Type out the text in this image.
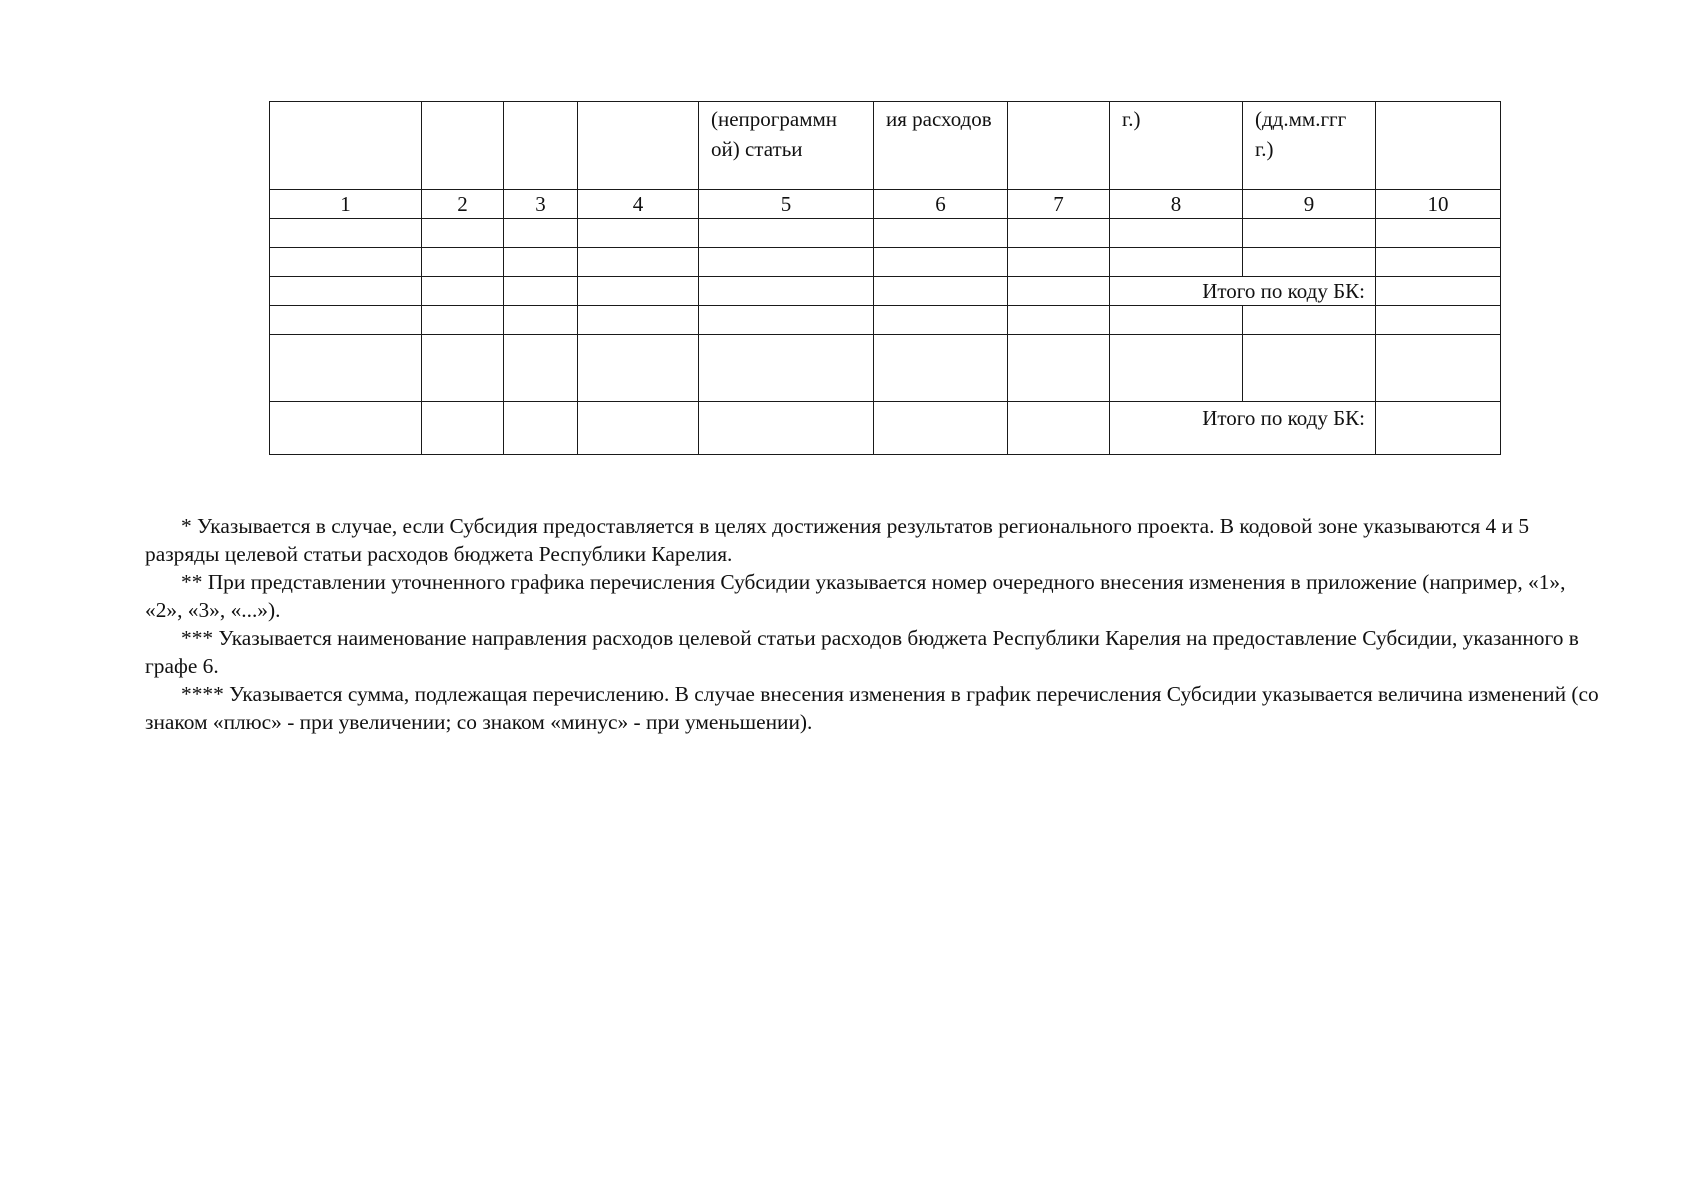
				(непрограммн ой) статьи	ия расходов		г.)	(дд.мм.ггг г.)	
1	2	3	4	5	6	7	8	9	10

							Итого по коду БК:		

							Итого по коду БК:		

* Указывается в случае, если Субсидия предоставляется в целях достижения результатов регионального проекта. В кодовой зоне указываются 4 и 5 разряды целевой статьи расходов бюджета Республики Карелия.

** При представлении уточненного графика перечисления Субсидии указывается номер очередного внесения изменения в приложение (например, «1», «2», «3», «...»).

*** Указывается наименование направления расходов целевой статьи расходов бюджета Республики Карелия на предоставление Субсидии, указанного в графе 6.

**** Указывается сумма, подлежащая перечислению. В случае внесения изменения в график перечисления Субсидии указывается величина изменений (со знаком «плюс» - при увеличении; со знаком «минус» - при уменьшении).
